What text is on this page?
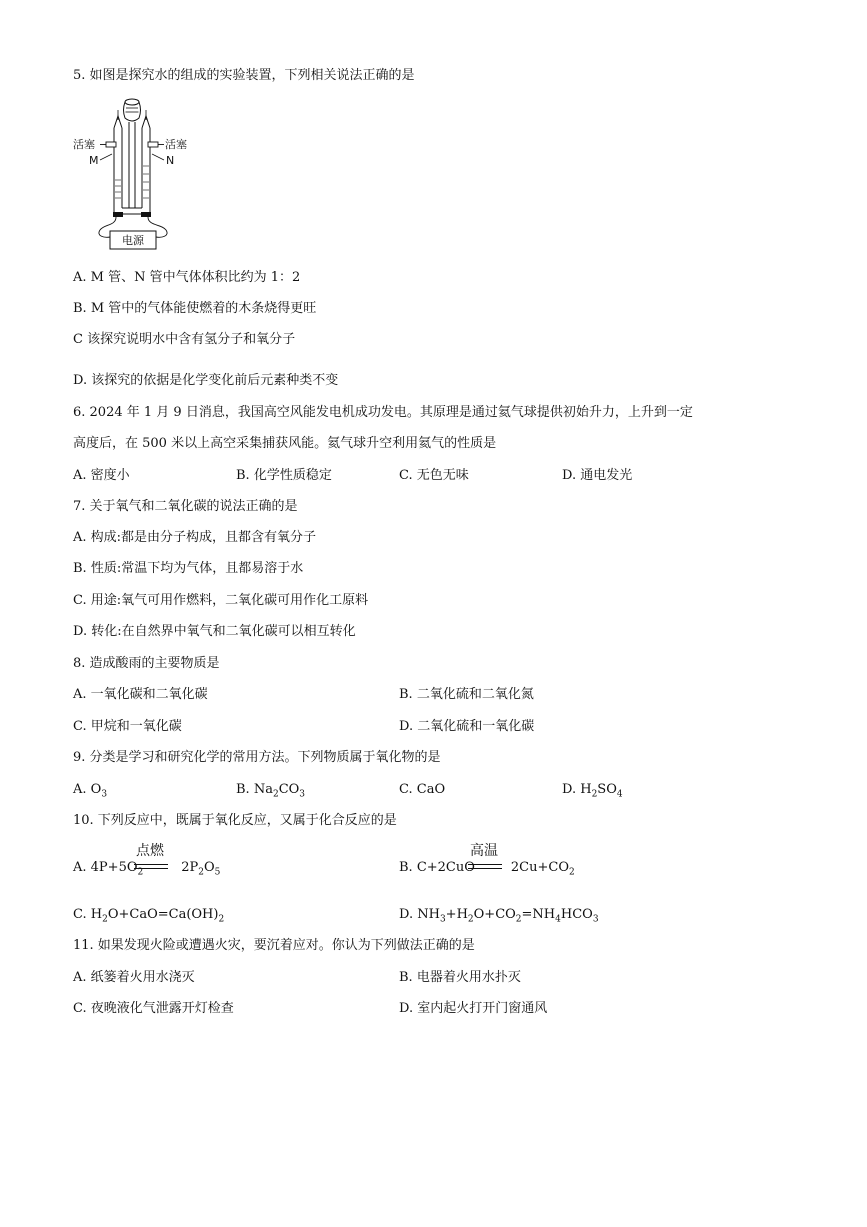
5. 如图是探究水的组成的实验装置，下列相关说法正确的是
电源
活塞	活塞
M	N
A. M 管、N 管中气体体积比约为 1：2
B. M 管中的气体能使燃着的木条烧得更旺
C 该探究说明水中含有氢分子和氧分子
D. 该探究的依据是化学变化前后元素种类不变
6. 2024 年 1 月 9 日消息，我国高空风能发电机成功发电。其原理是通过氦气球提供初始升力，上升到一定
高度后，在 500 米以上高空采集捕获风能。氦气球升空利用氦气的性质是
A. 密度小	B. 化学性质稳定	C. 无色无味	D. 通电发光
7. 关于氧气和二氧化碳的说法正确的是
A. 构成:都是由分子构成，且都含有氧分子
B. 性质:常温下均为气体，且都易溶于水
C. 用途:氧气可用作燃料，二氧化碳可用作化工原料
D. 转化:在自然界中氧气和二氧化碳可以相互转化
8. 造成酸雨的主要物质是
A. 一氧化碳和二氧化碳	B. 二氧化硫和二氧化氮
C. 甲烷和一氧化碳	D. 二氧化硫和一氧化碳
9. 分类是学习和研究化学的常用方法。下列物质属于氧化物的是
A. $O_3$	B. $Na_2CO_3$	C. CaO	D. $H_2SO_4$
10. 下列反应中，既属于氧化反应，又属于化合反应的是
A. $4P+5O_2$	$2P_2O_5$
点燃
B. C+2CuO	$2Cu+CO_2$
高温
C. $H_2O+CaO=Ca(OH)_2$	D. $NH_3+H_2O+CO_2=NH_4HCO_3$
11. 如果发现火险或遭遇火灾，要沉着应对。你认为下列做法正确的是
A. 纸篓着火用水浇灭	B. 电器着火用水扑灭
C. 夜晚液化气泄露开灯检查	D. 室内起火打开门窗通风
